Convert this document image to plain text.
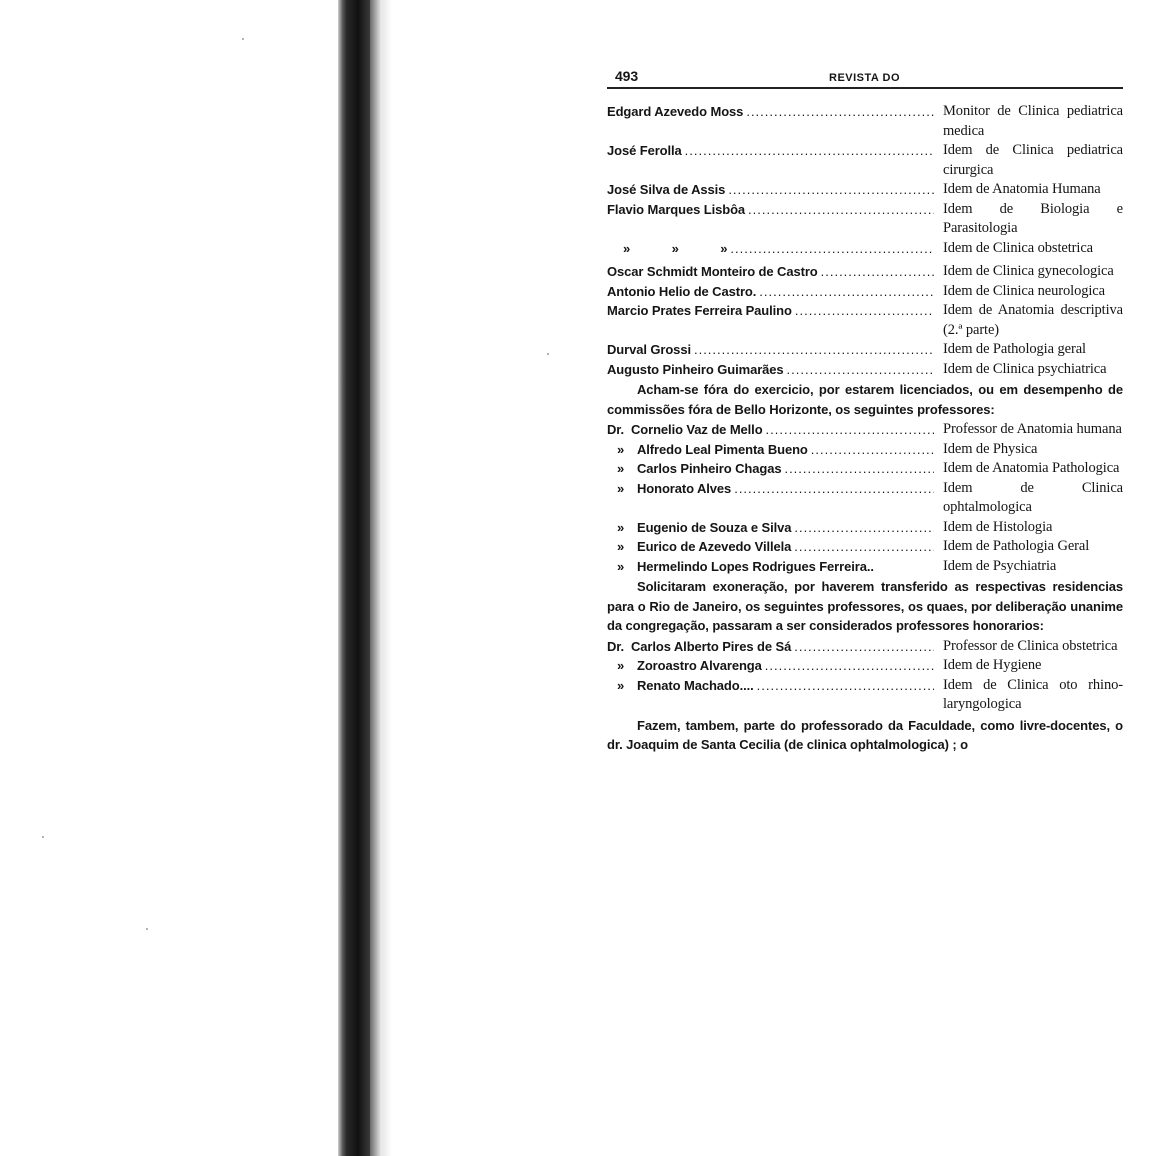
493	REVISTA DO
Edgard Azevedo Moss .....	Monitor de Clinica pediatrica medica
José Ferolla .....	Idem de Clinica pediatrica cirurgica
José Silva de Assis .....	Idem de Anatomia Humana
Flavio Marques Lisbôa .....	Idem de Biologia e Parasitologia
» » » .....	Idem de Clinica obstetrica
Oscar Schmidt Monteiro de Castro .....	Idem de Clinica gynecologica
Antonio Helio de Castro. .....	Idem de Clinica neurologica
Marcio Prates Ferreira Paulino .....	Idem de Anatomia descriptiva (2.ª parte)
Durval Grossi .....	Idem de Pathologia geral
Augusto Pinheiro Guimarães .....	Idem de Clinica psychiatrica

Acham-se fóra do exercicio, por estarem licenciados, ou em desempenho de commissões fóra de Bello Horizonte, os seguintes professores:

Dr. Cornelio Vaz de Mello .....	Professor de Anatomia humana
» Alfredo Leal Pimenta Bueno .....	Idem de Physica
» Carlos Pinheiro Chagas .....	Idem de Anatomia Pathologica
» Honorato Alves .....	Idem de Clinica ophtalmologica
» Eugenio de Souza e Silva .....	Idem de Histologia
» Eurico de Azevedo Villela .....	Idem de Pathologia Geral
» Hermelindo Lopes Rodrigues Ferreira..	Idem de Psychiatria

Solicitaram exoneração, por haverem transferido as respectivas residencias para o Rio de Janeiro, os seguintes professores, os quaes, por deliberação unanime da congregação, passaram a ser considerados professores honorarios:

Dr. Carlos Alberto Pires de Sá .....	Professor de Clinica obstetrica
» Zoroastro Alvarenga .....	Idem de Hygiene
» Renato Machado.... .....	Idem de Clinica oto rhino-laryngologica

Fazem, tambem, parte do professorado da Faculdade, como livre-docentes, o dr. Joaquim de Santa Cecilia (de clinica ophtalmologica) ; o
